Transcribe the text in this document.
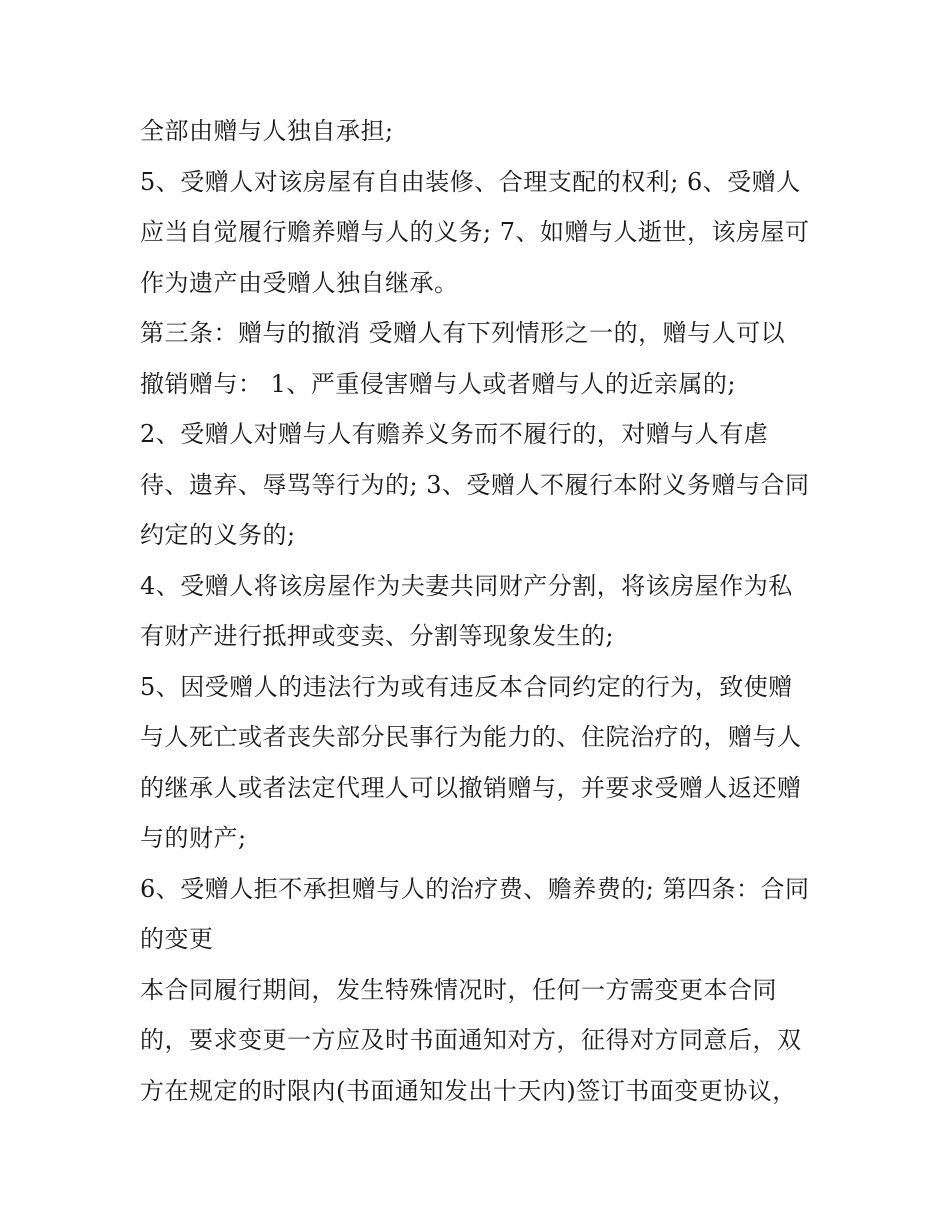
全部由赠与人独自承担;
5、受赠人对该房屋有自由装修、合理支配的权利; 6、受赠人
应当自觉履行赡养赠与人的义务; 7、如赠与人逝世，该房屋可
作为遗产由受赠人独自继承。
第三条：赠与的撤消 受赠人有下列情形之一的，赠与人可以
撤销赠与： 1、严重侵害赠与人或者赠与人的近亲属的;
2、受赠人对赠与人有赡养义务而不履行的，对赠与人有虐
待、遗弃、辱骂等行为的; 3、受赠人不履行本附义务赠与合同
约定的义务的;
4、受赠人将该房屋作为夫妻共同财产分割，将该房屋作为私
有财产进行抵押或变卖、分割等现象发生的;
5、因受赠人的违法行为或有违反本合同约定的行为，致使赠
与人死亡或者丧失部分民事行为能力的、住院治疗的，赠与人
的继承人或者法定代理人可以撤销赠与，并要求受赠人返还赠
与的财产;
6、受赠人拒不承担赠与人的治疗费、赡养费的; 第四条：合同
的变更
本合同履行期间，发生特殊情况时，任何一方需变更本合同
的，要求变更一方应及时书面通知对方，征得对方同意后，双
方在规定的时限内(书面通知发出十天内)签订书面变更协议，
